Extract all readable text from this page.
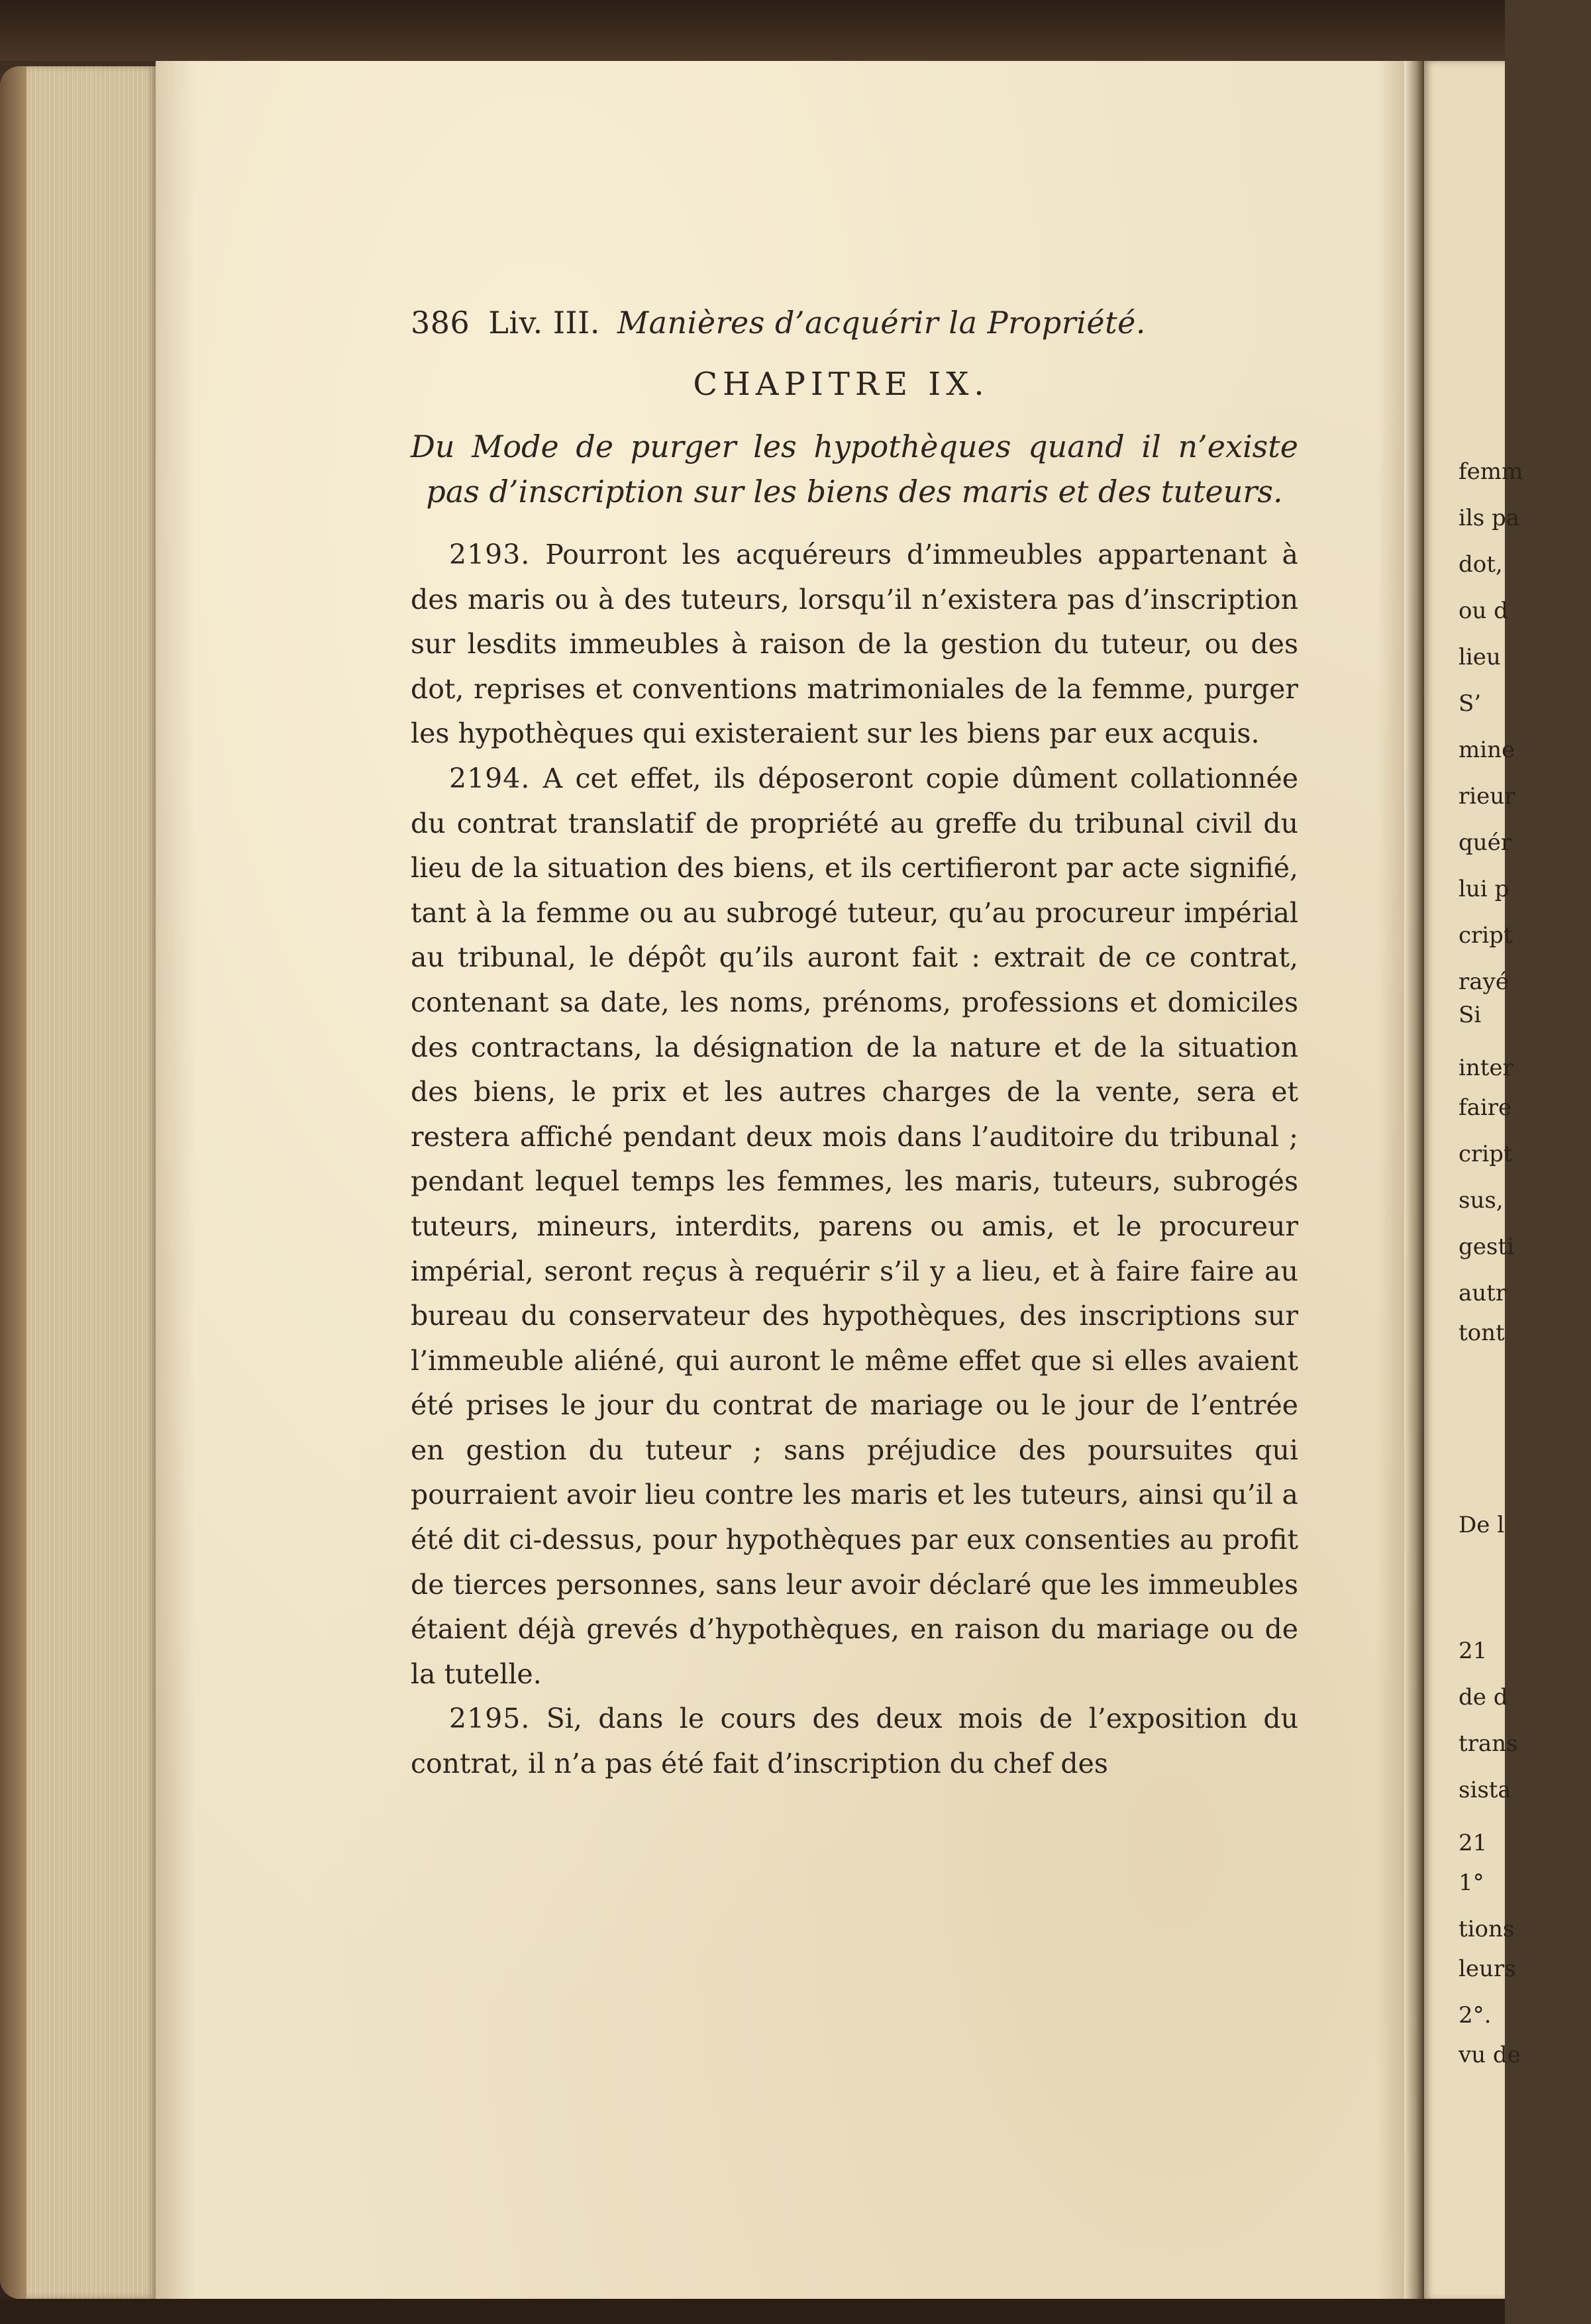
femm
ils pa
dot,
ou d
lieu
S’
mine
rieur
quér
lui p
cript
rayé
Si
inter
faire
cript
sus,
gesti
autr
tont
De l
21
de d
trans
sista
21
1°
tions
leurs
2°.
vu de
386 Liv. III. Manières d’acquérir la Propriété.
CHAPITRE IX.
Du Mode de purger les hypothèques quand il n’existe pas d’inscription sur les biens des maris et des tuteurs.

2193. Pourront les acquéreurs d’immeubles appartenant à des maris ou à des tuteurs, lorsqu’il n’existera pas d’inscription sur lesdits immeubles à raison de la gestion du tuteur, ou des dot, reprises et conventions matrimoniales de la femme, purger les hypothèques qui existeraient sur les biens par eux acquis.

2194. A cet effet, ils déposeront copie dûment collationnée du contrat translatif de propriété au greffe du tribunal civil du lieu de la situation des biens, et ils certifieront par acte signifié, tant à la femme ou au subrogé tuteur, qu’au procureur impérial au tribunal, le dépôt qu’ils auront fait : extrait de ce contrat, contenant sa date, les noms, prénoms, professions et domiciles des contractans, la désignation de la nature et de la situation des biens, le prix et les autres charges de la vente, sera et restera affiché pendant deux mois dans l’auditoire du tribunal ; pendant lequel temps les femmes, les maris, tuteurs, subrogés tuteurs, mineurs, interdits, parens ou amis, et le procureur impérial, seront reçus à requérir s’il y a lieu, et à faire faire au bureau du conservateur des hypothèques, des inscriptions sur l’immeuble aliéné, qui auront le même effet que si elles avaient été prises le jour du contrat de mariage ou le jour de l’entrée en gestion du tuteur ; sans préjudice des poursuites qui pourraient avoir lieu contre les maris et les tuteurs, ainsi qu’il a été dit ci-dessus, pour hypothèques par eux consenties au profit de tierces personnes, sans leur avoir déclaré que les immeubles étaient déjà grevés d’hypothèques, en raison du mariage ou de la tutelle.

2195. Si, dans le cours des deux mois de l’exposition du contrat, il n’a pas été fait d’inscription du chef des
